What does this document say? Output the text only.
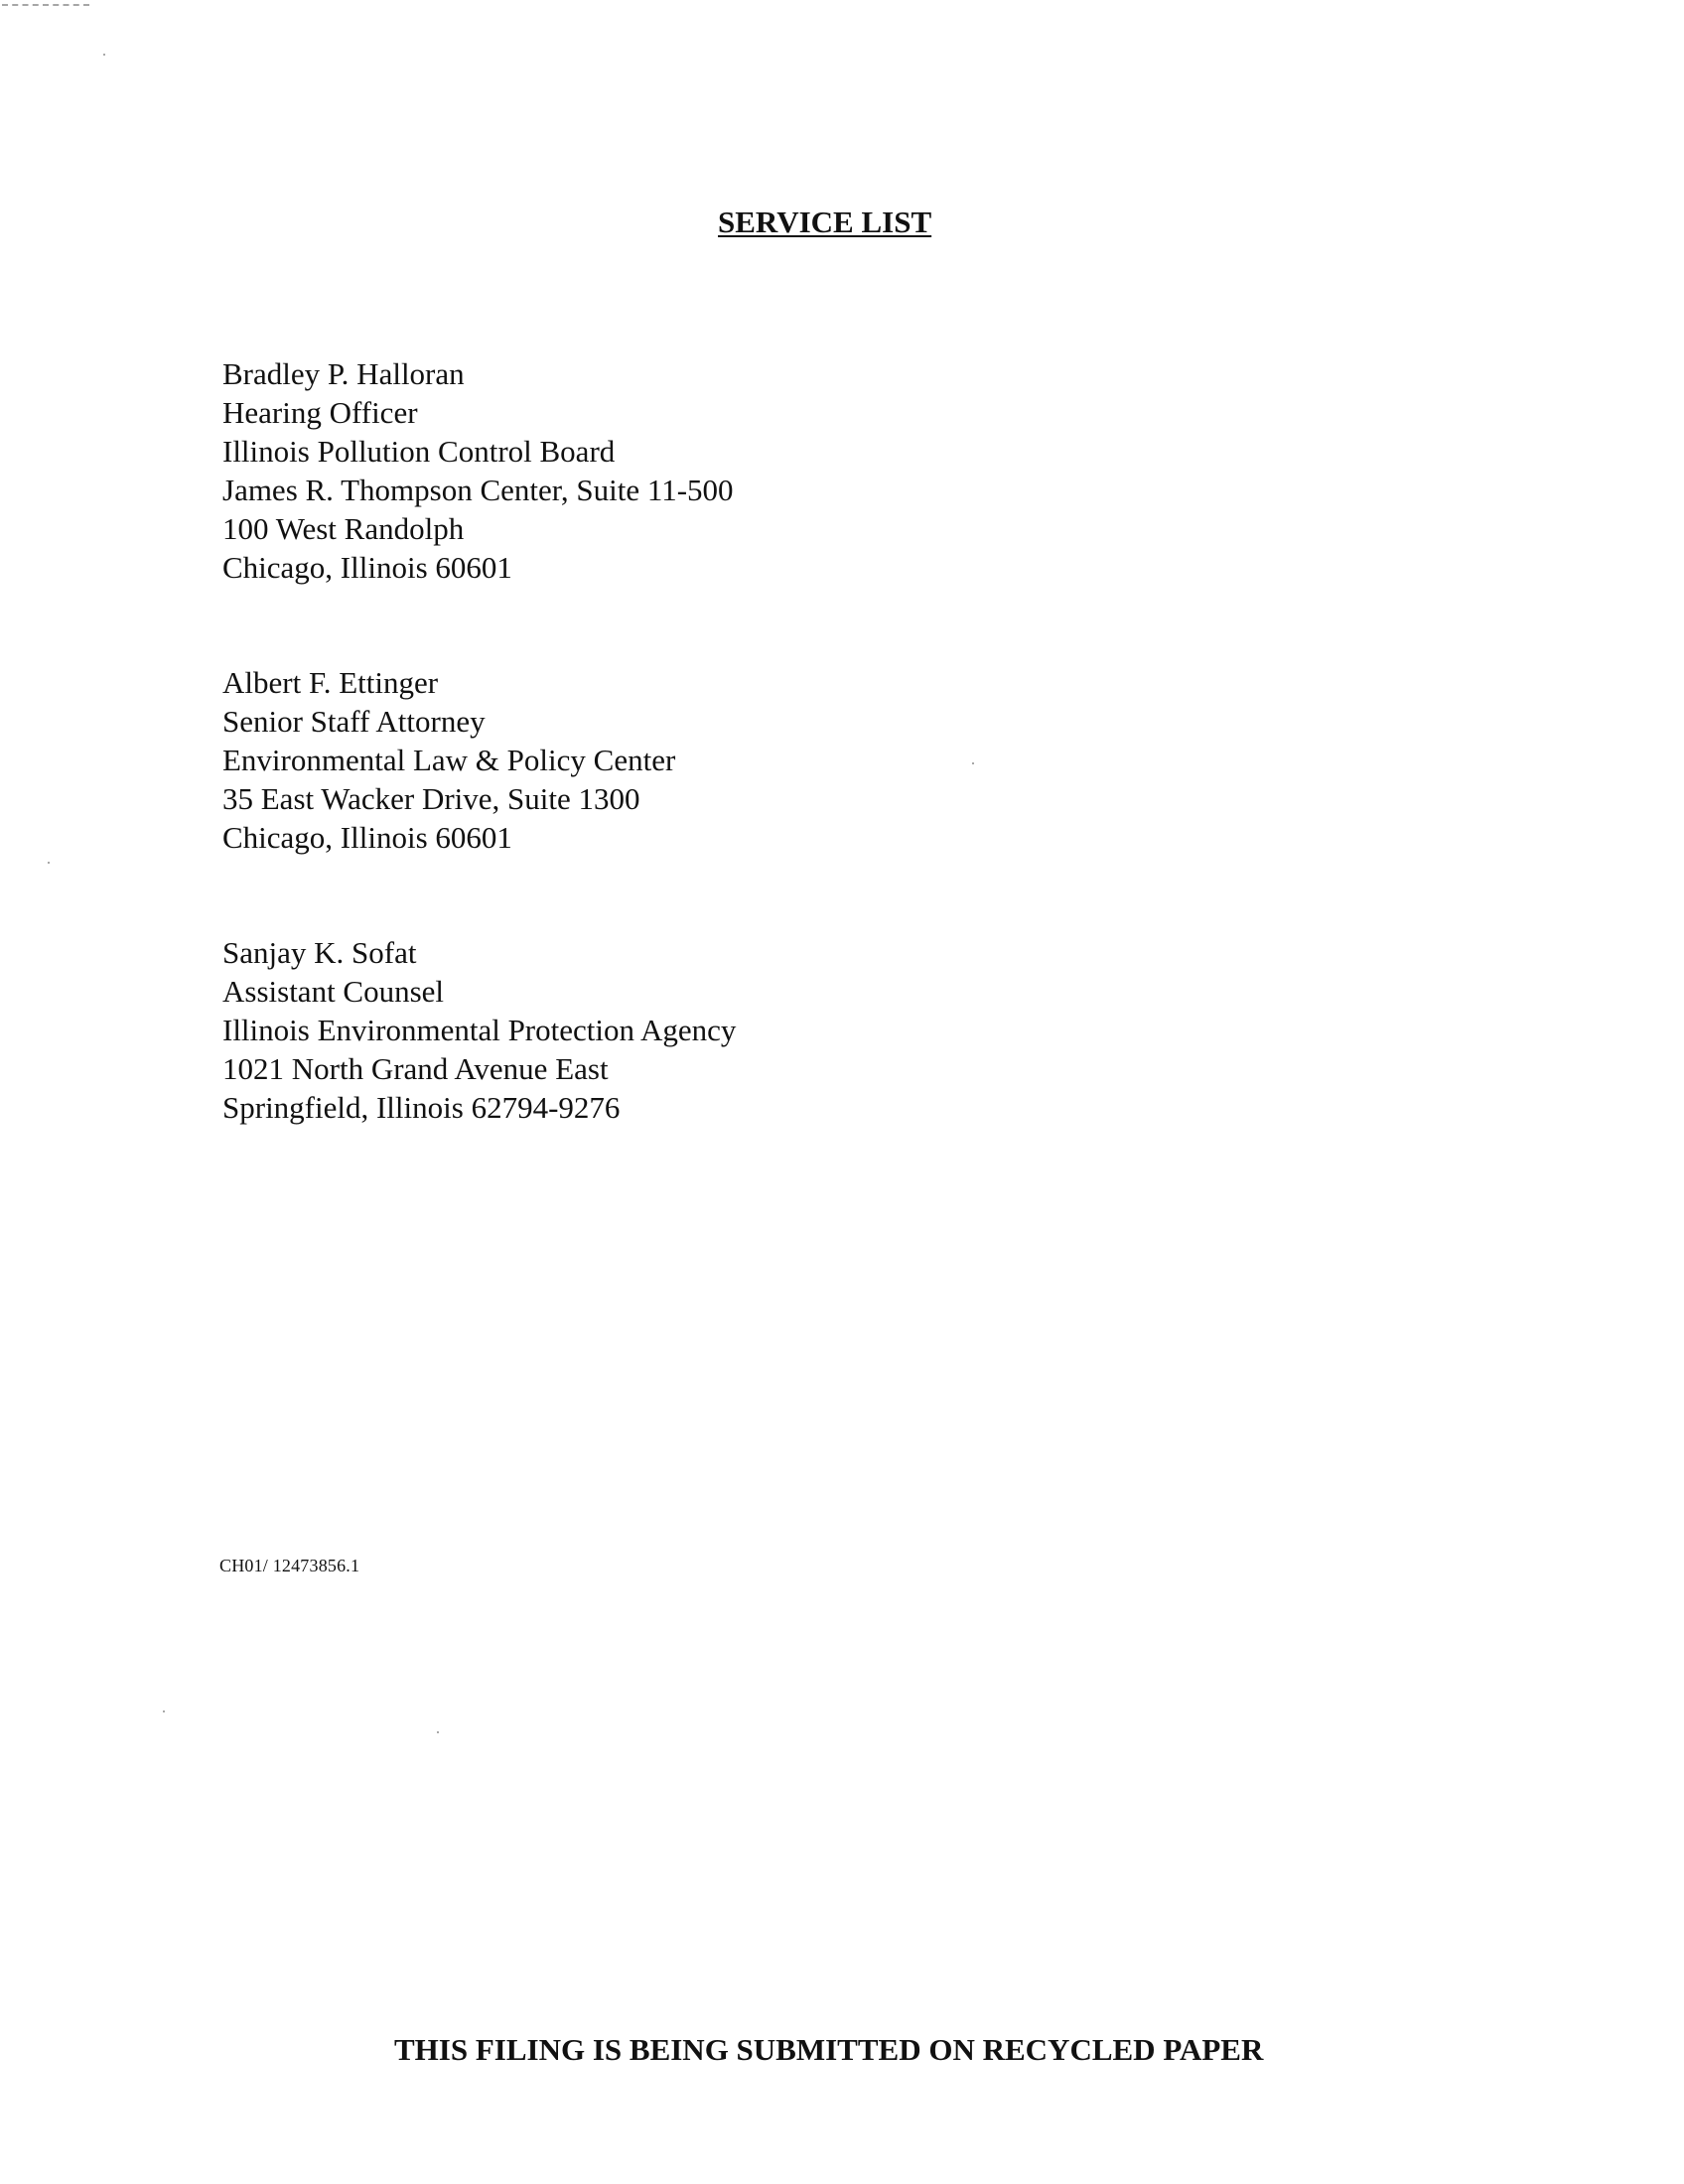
SERVICE LIST
Bradley P. Halloran
Hearing Officer
Illinois Pollution Control Board
James R. Thompson Center, Suite 11-500
100 West Randolph
Chicago, Illinois 60601
Albert F. Ettinger
Senior Staff Attorney
Environmental Law & Policy Center
35 East Wacker Drive, Suite 1300
Chicago, Illinois 60601
Sanjay K. Sofat
Assistant Counsel
Illinois Environmental Protection Agency
1021 North Grand Avenue East
Springfield, Illinois 62794-9276
CH01/ 12473856.1

THIS FILING IS BEING SUBMITTED ON RECYCLED PAPER
